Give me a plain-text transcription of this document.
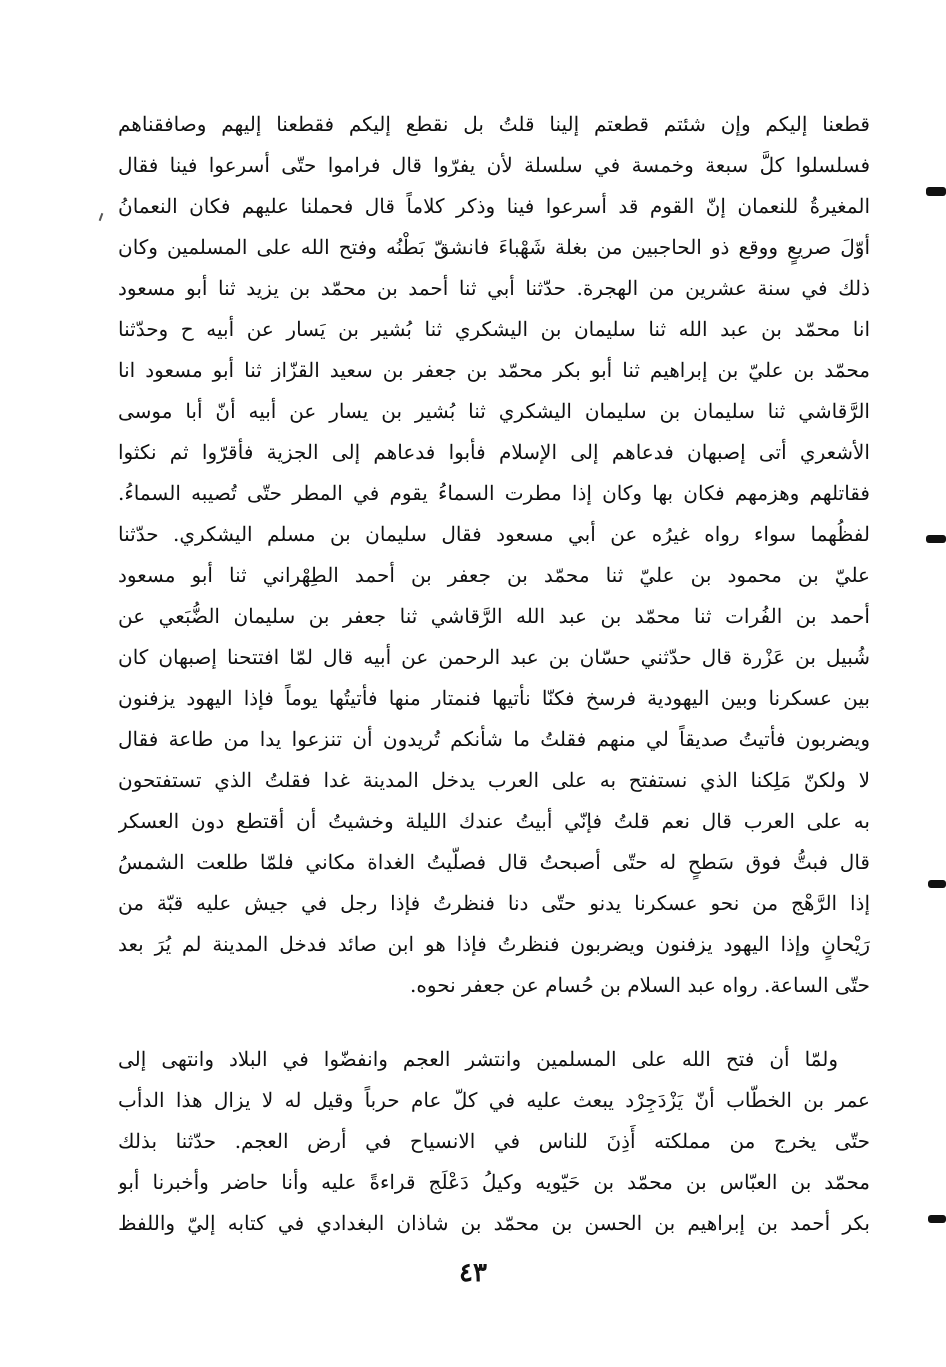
قطعنا إليكم وإن شئتم قطعتم إلينا قلتُ بل نقطع إليكم فقطعنا إليهم وصافقناهم
فسلسلوا كلَّ سبعة وخمسة في سلسلة لأن يفرّوا قال فراموا حتّى أسرعوا فينا فقال
المغيرةُ للنعمان إنّ القوم قد أسرعوا فينا وذكر كلاماً قال فحملنا عليهم فكان النعمانُ
أوّلَ صريعٍ ووقع ذو الحاجبين من بغلة شَهْباءَ فانشقّ بَطْنُه وفتح الله على المسلمين وكان
ذلك في سنة عشرين من الهجرة. حدّثنا أبي ثنا أحمد بن محمّد بن يزيد ثنا أبو مسعود
انا محمّد بن عبد الله ثنا سليمان بن اليشكري ثنا بُشير بن يَسار عن أبيه ح وحدّثنا
محمّد بن عليّ بن إبراهيم ثنا أبو بكر محمّد بن جعفر بن سعيد القزّاز ثنا أبو مسعود انا
الرَّقاشي ثنا سليمان بن سليمان اليشكري ثنا بُشير بن يسار عن أبيه أنّ أبا موسى
الأشعري أتى إصبهان فدعاهم إلى الإسلام فأبوا فدعاهم إلى الجزية فأقرّوا ثم نكثوا
فقاتلهم وهزمهم فكان بها وكان إذا مطرت السماءُ يقوم في المطر حتّى تُصيبه السماءُ.
لفظُهما سواء رواه غيرُه عن أبي مسعود فقال سليمان بن مسلم اليشكري. حدّثنا
عليّ بن محمود بن عليّ ثنا محمّد بن جعفر بن أحمد الطِهْراني ثنا أبو مسعود
أحمد بن الفُرات ثنا محمّد بن عبد الله الرَّقاشي ثنا جعفر بن سليمان الضُّبَعي عن
شُبيل بن عَزْرة قال حدّثني حسّان بن عبد الرحمن عن أبيه قال لمّا افتتحنا إصبهان كان
بين عسكرنا وبين اليهودية فرسخ فكنّا نأتيها فنمتار منها فأتيتُها يوماً فإذا اليهود يزفنون
ويضربون فأتيتُ صديقاً لي منهم فقلتُ ما شأنكم تُريدون أن تنزعوا يدا من طاعة فقال
لا ولكنّ مَلِكنا الذي نستفتح به على العرب يدخل المدينة غدا فقلتُ الذي تستفتحون
به على العرب قال نعم قلتُ فإنّي أبيتُ عندك الليلة وخشيتُ أن أقتطع دون العسكر
قال فبتُّ فوق سَطحٍ له حتّى أصبحتُ قال فصلّيتُ الغداة مكاني فلمّا طلعت الشمسُ
إذا الرَّهْج من نحو عسكرنا يدنو حتّى دنا فنظرتُ فإذا رجل في جيش عليه قبّة من
رَيْحانٍ وإذا اليهود يزفنون ويضربون فنظرتُ فإذا هو ابن صائد فدخل المدينة لم يُرَ بعد
حتّى الساعة. رواه عبد السلام بن حُسام عن جعفر نحوه.
ولمّا أن فتح الله على المسلمين وانتشر العجم وانفضّوا في البلاد وانتهى إلى
عمر بن الخطّاب أنّ يَزْدَجِرْد يبعث عليه في كلّ عام حرباً وقيل له لا يزال هذا الدأب
حتّى يخرج من مملكته أَذِنَ للناس في الانسياح في أرض العجم. حدّثنا بذلك
محمّد بن العبّاس بن محمّد بن حَيّويه وكيلُ دَعْلَج قراءةً عليه وأنا حاضر وأخبرنا أبو
بكر أحمد بن إبراهيم بن الحسن بن محمّد بن شاذان البغدادي في كتابه إليّ واللفظ
٤٣
